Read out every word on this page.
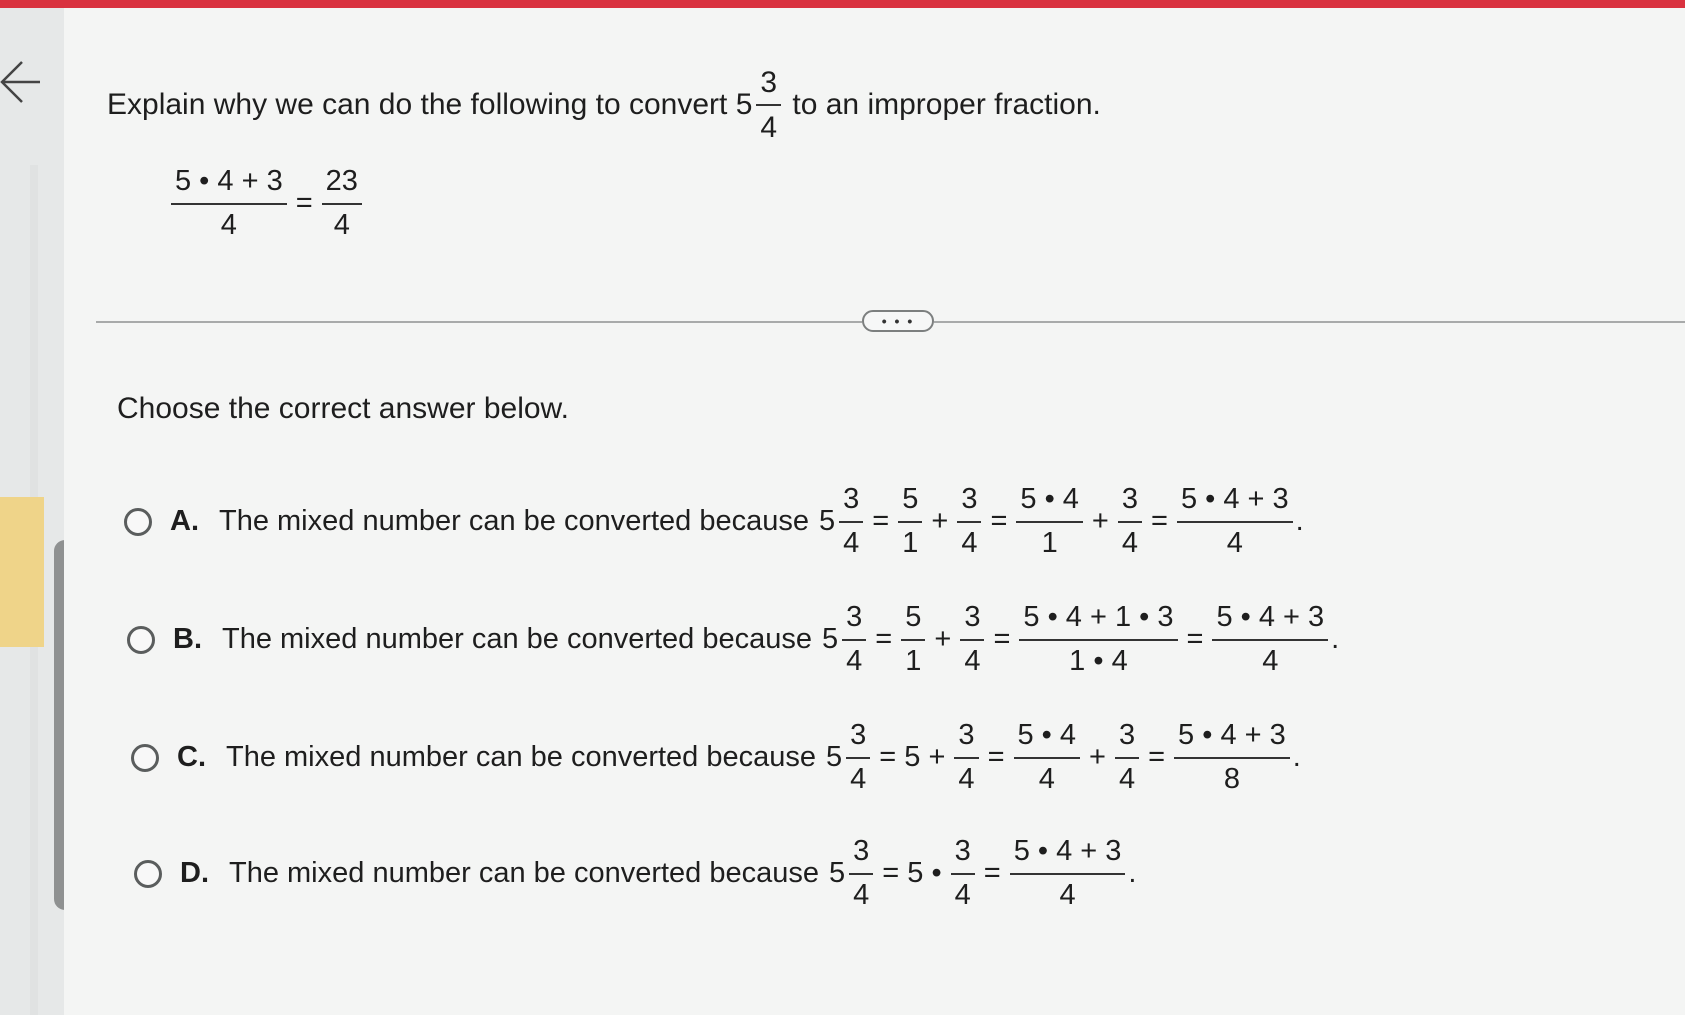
Explain why we can do the following to convert $5 \frac{3}{4}$ to an improper fraction.
$\frac{5 • 4 + 3}{4} = \frac{23}{4}$
• • •
Choose the correct answer below.
A. The mixed number can be converted because $5 \frac{3}{4} = \frac{5}{1} + \frac{3}{4} = \frac{5 • 4}{1} + \frac{3}{4} = \frac{5 • 4 + 3}{4}$ .
B. The mixed number can be converted because $5 \frac{3}{4} = \frac{5}{1} + \frac{3}{4} = \frac{5 • 4 + 1 • 3}{1 • 4} = \frac{5 • 4 + 3}{4}$ .
C. The mixed number can be converted because $5 \frac{3}{4} = 5 + \frac{3}{4} = \frac{5 • 4}{4} + \frac{3}{4} = \frac{5 • 4 + 3}{8}$ .
D. The mixed number can be converted because $5 \frac{3}{4} = 5$ • $\frac{3}{4} = \frac{5 • 4 + 3}{4}$ .
